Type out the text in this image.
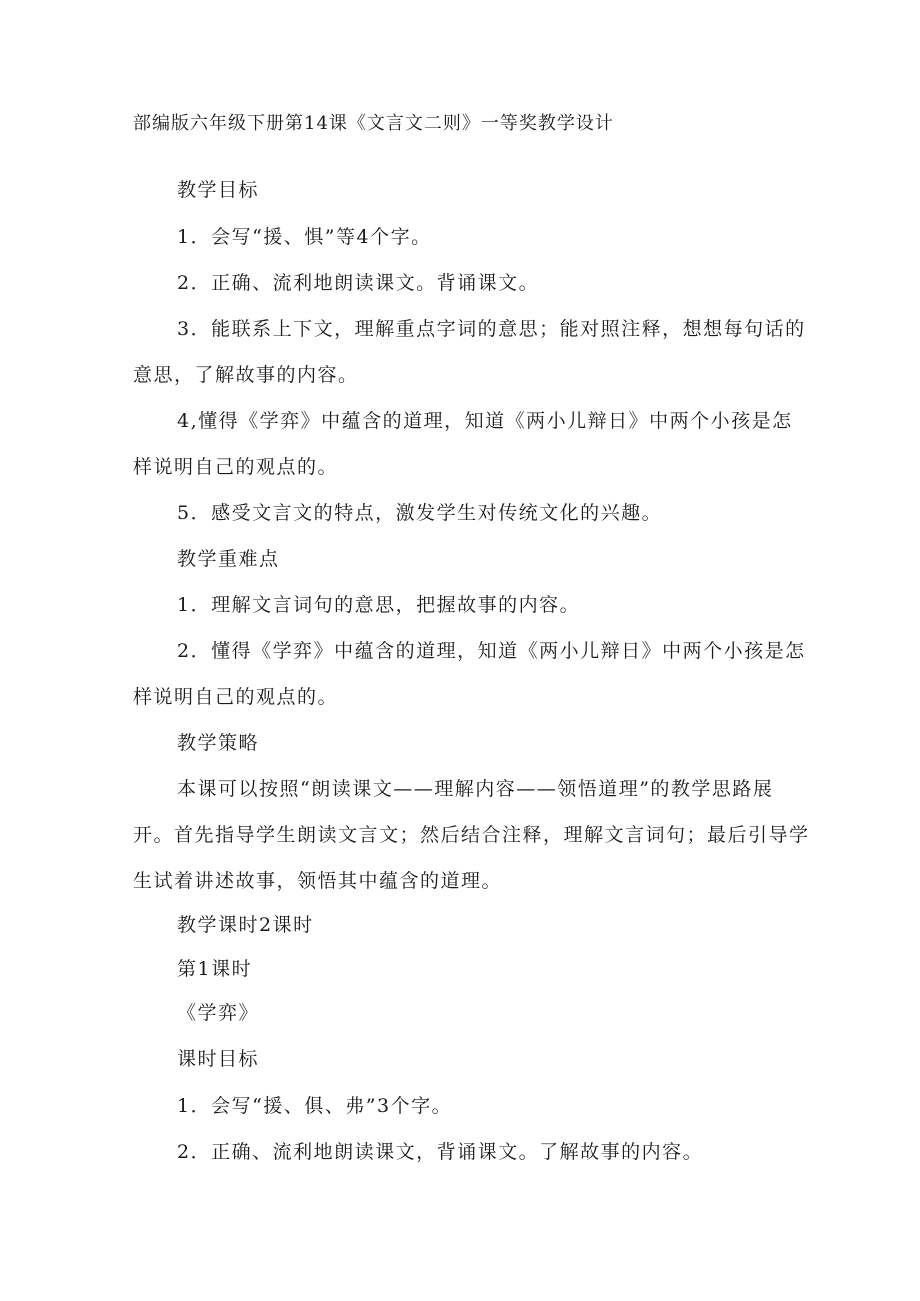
部编版六年级下册第14课《文言文二则》一等奖教学设计
教学目标
1．会写“援、惧”等4个字。
2．正确、流利地朗读课文。背诵课文。
3．能联系上下文，理解重点字词的意思；能对照注释，想想每句话的
意思，了解故事的内容。
4,懂得《学弈》中蕴含的道理，知道《两小儿辩日》中两个小孩是怎
样说明自己的观点的。
5．感受文言文的特点，激发学生对传统文化的兴趣。
教学重难点
1．理解文言词句的意思，把握故事的内容。
2．懂得《学弈》中蕴含的道理，知道《两小儿辩日》中两个小孩是怎
样说明自己的观点的。
教学策略
本课可以按照“朗读课文——理解内容——领悟道理”的教学思路展
开。首先指导学生朗读文言文；然后结合注释，理解文言词句；最后引导学
生试着讲述故事，领悟其中蕴含的道理。
教学课时2课时
第1课时
《学弈》
课时目标
1．会写“援、俱、弗”3个字。
2．正确、流利地朗读课文，背诵课文。了解故事的内容。
